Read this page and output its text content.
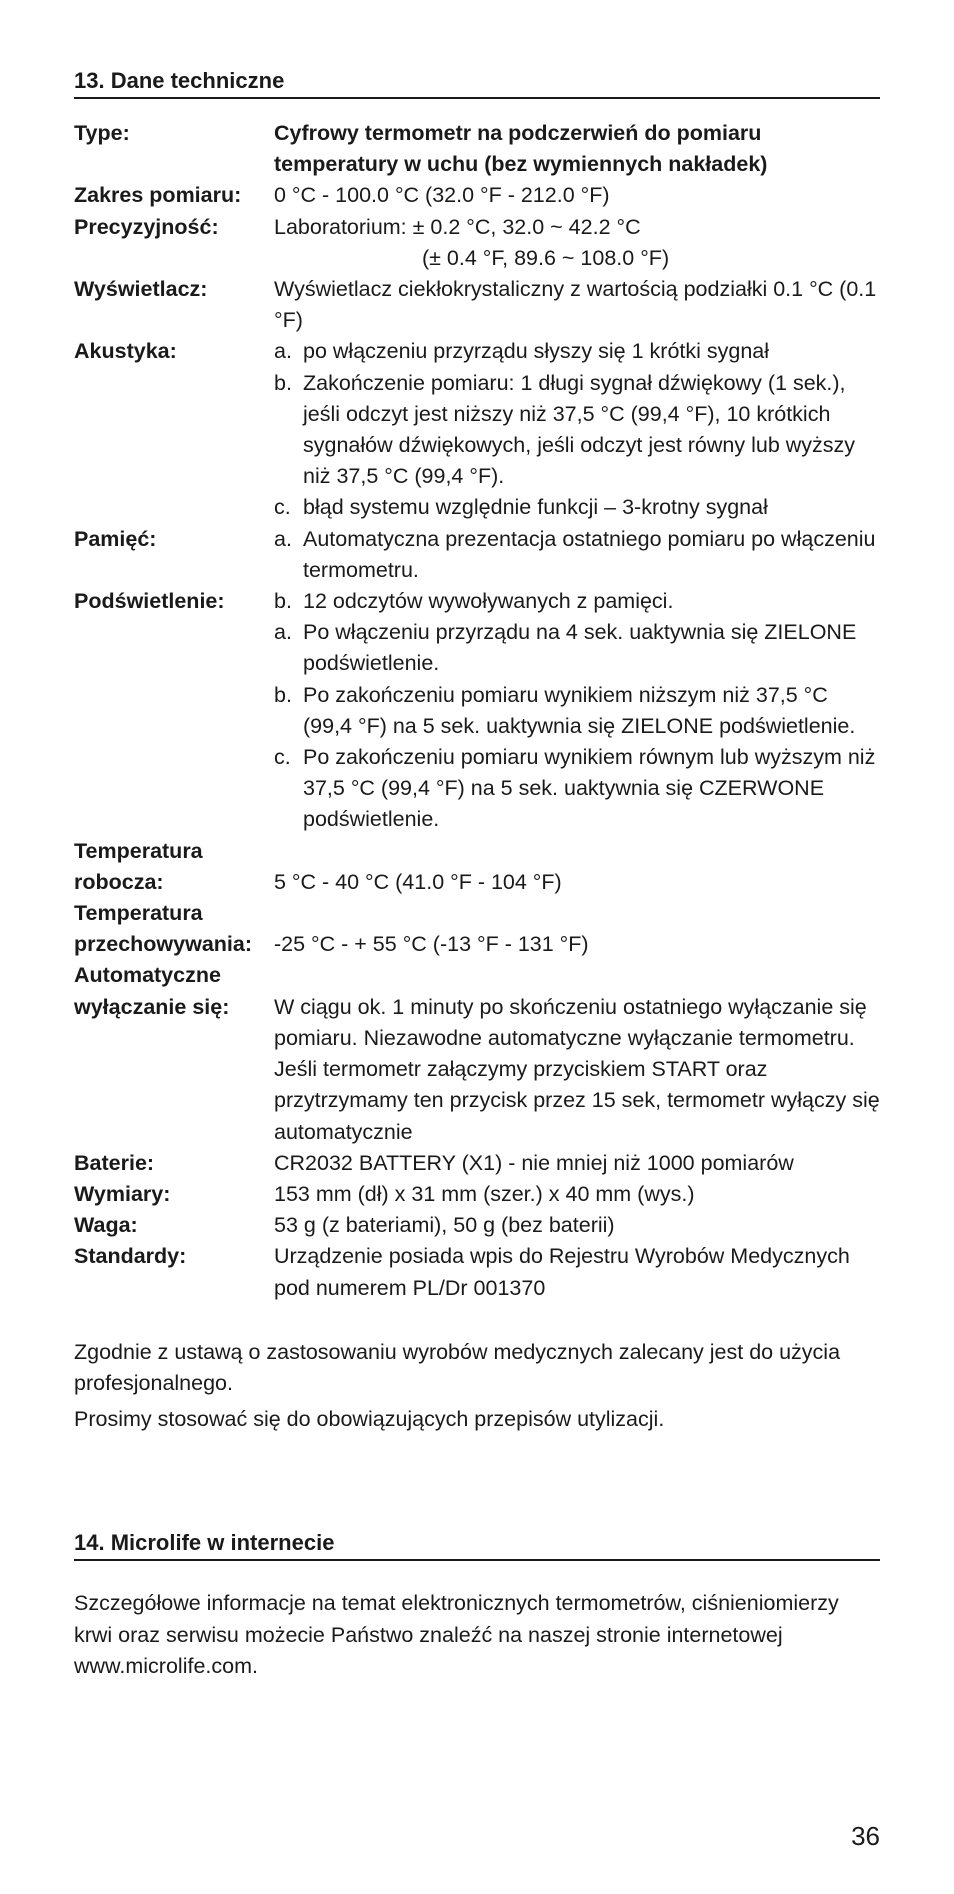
13. Dane techniczne
Type:	Cyfrowy termometr na podczerwień do pomiaru

temperatury w uchu (bez wymiennych nakładek)

Zakres pomiaru:	0 °C - 100.0 °C (32.0 °F - 212.0 °F)
Precyzyjność:	Laboratorium: ± 0.2 °C, 32.0 ~ 42.2 °C

(± 0.4 °F, 89.6 ~ 108.0 °F)

Wyświetlacz:	Wyświetlacz ciekłokrystaliczny z wartością podziałki 0.1 °C (0.1 °F)
Akustyka:	a. po włączeniu przyrządu słyszy się 1 krótki sygnał
b. Zakończenie pomiaru: 1 długi sygnał dźwiękowy (1 sek.), jeśli odczyt jest niższy niż 37,5 °C (99,4 °F), 10 krótkich sygnałów dźwiękowych, jeśli odczyt jest równy lub wyższy niż 37,5 °C (99,4 °F).
c. błąd systemu względnie funkcji – 3-krotny sygnał
Pamięć:	a. Automatyczna prezentacja ostatniego pomiaru po włączeniu termometru.
Podświetlenie:	b. 12 odczytów wywoływanych z pamięci.
a. Po włączeniu przyrządu na 4 sek. uaktywnia się ZIELONE podświetlenie.
b. Po zakończeniu pomiaru wynikiem niższym niż 37,5 °C (99,4 °F) na 5 sek. uaktywnia się ZIELONE podświetlenie.
c. Po zakończeniu pomiaru wynikiem równym lub wyższym niż 37,5 °C (99,4 °F) na 5 sek. uaktywnia się CZERWONE podświetlenie.
Temperatura
robocza:	5 °C - 40 °C (41.0 °F - 104 °F)
Temperatura
przechowywania:	-25 °C - + 55 °C (-13 °F - 131 °F)
Automatyczne
wyłączanie się:	W ciągu ok. 1 minuty po skończeniu ostatniego wyłączanie się pomiaru. Niezawodne automatyczne wyłączanie termometru. Jeśli termometr załączymy przyciskiem START oraz przytrzymamy ten przycisk przez 15 sek, termometr wyłączy się automatycznie
Baterie:	CR2032 BATTERY (X1) - nie mniej niż 1000 pomiarów
Wymiary:	153 mm (dł) x 31 mm (szer.) x 40 mm (wys.)
Waga:	53 g (z bateriami), 50 g (bez baterii)
Standardy:	Urządzenie posiada wpis do Rejestru Wyrobów Medycznych pod numerem PL/Dr 001370

Zgodnie z ustawą o zastosowaniu wyrobów medycznych zalecany jest do użycia profesjonalnego.

Prosimy stosować się do obowiązujących przepisów utylizacji.

14. Microlife w internecie
Szczegółowe informacje na temat elektronicznych termometrów, ciśnieniomierzy krwi oraz serwisu możecie Państwo znaleźć na naszej stronie internetowej www.microlife.com.
36
